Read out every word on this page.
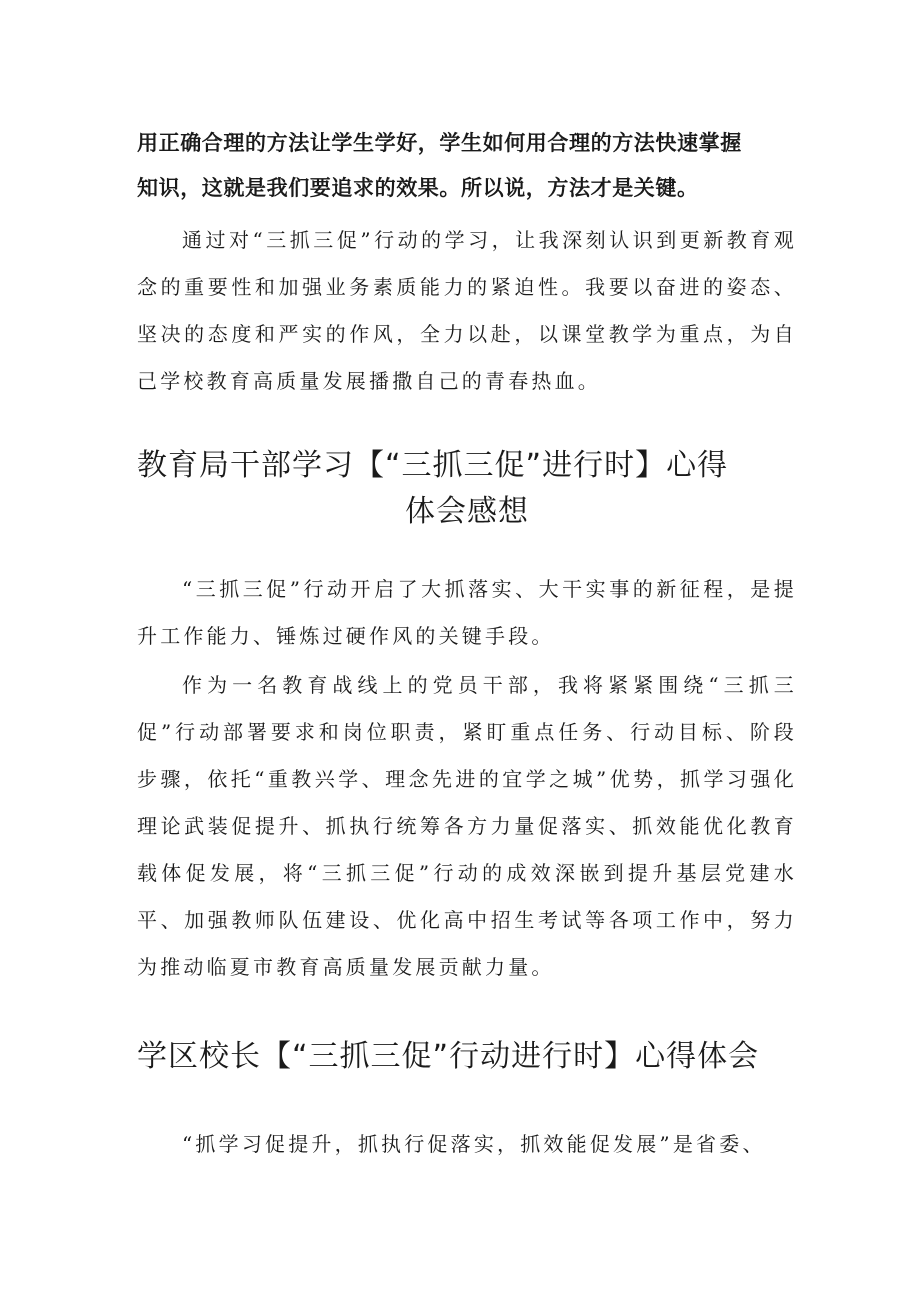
用正确合理的方法让学生学好，学生如何用合理的方法快速掌握

知识，这就是我们要追求的效果。所以说，方法才是关键。

通过对“三抓三促”行动的学习，让我深刻认识到更新教育观念的重要性和加强业务素质能力的紧迫性。我要以奋进的姿态、坚决的态度和严实的作风，全力以赴，以课堂教学为重点，为自己学校教育高质量发展播撒自己的青春热血。

教育局干部学习【“三抓三促”进行时】心得
体会感想

“三抓三促”行动开启了大抓落实、大干实事的新征程，是提升工作能力、锤炼过硬作风的关键手段。

作为一名教育战线上的党员干部，我将紧紧围绕“三抓三促”行动部署要求和岗位职责，紧盯重点任务、行动目标、阶段步骤，依托“重教兴学、理念先进的宜学之城”优势，抓学习强化理论武装促提升、抓执行统筹各方力量促落实、抓效能优化教育载体促发展，将“三抓三促”行动的成效深嵌到提升基层党建水平、加强教师队伍建设、优化高中招生考试等各项工作中，努力为推动临夏市教育高质量发展贡献力量。

学区校长【“三抓三促”行动进行时】心得体会

“抓学习促提升，抓执行促落实，抓效能促发展”是省委、
